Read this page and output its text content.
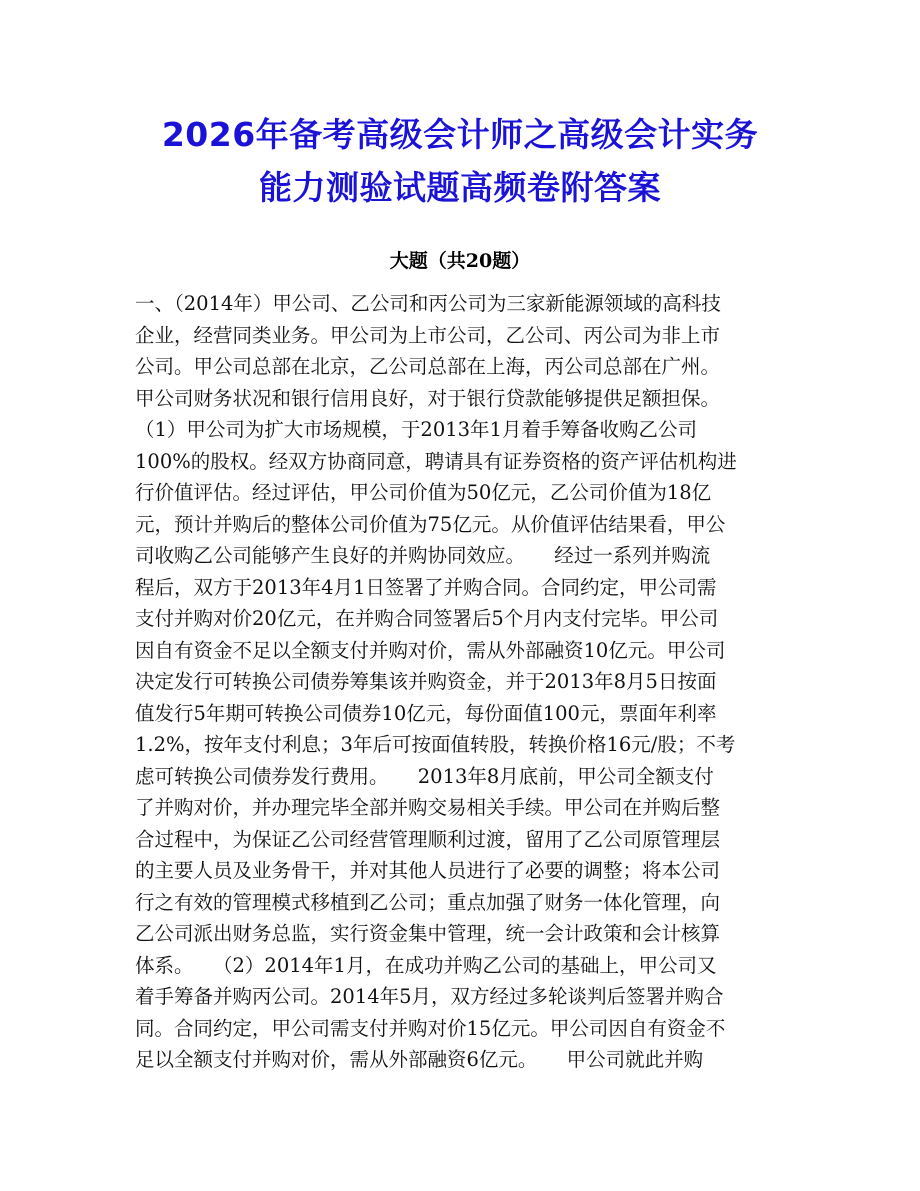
2026年备考高级会计师之高级会计实务
能力测验试题高频卷附答案
大题（共20题）
一、（2014年）甲公司、乙公司和丙公司为三家新能源领域的高科技
企业，经营同类业务。甲公司为上市公司，乙公司、丙公司为非上市
公司。甲公司总部在北京，乙公司总部在上海，丙公司总部在广州。
甲公司财务状况和银行信用良好，对于银行贷款能够提供足额担保。
（1）甲公司为扩大市场规模，于2013年1月着手筹备收购乙公司
100%的股权。经双方协商同意，聘请具有证券资格的资产评估机构进
行价值评估。经过评估，甲公司价值为50亿元，乙公司价值为18亿
元，预计并购后的整体公司价值为75亿元。从价值评估结果看，甲公
司收购乙公司能够产生良好的并购协同效应。　　经过一系列并购流
程后，双方于2013年4月1日签署了并购合同。合同约定，甲公司需
支付并购对价20亿元，在并购合同签署后5个月内支付完毕。甲公司
因自有资金不足以全额支付并购对价，需从外部融资10亿元。甲公司
决定发行可转换公司债券筹集该并购资金，并于2013年8月5日按面
值发行5年期可转换公司债券10亿元，每份面值100元，票面年利率
1.2%，按年支付利息；3年后可按面值转股，转换价格16元/股；不考
虑可转换公司债券发行费用。　　2013年8月底前，甲公司全额支付
了并购对价，并办理完毕全部并购交易相关手续。甲公司在并购后整
合过程中，为保证乙公司经营管理顺利过渡，留用了乙公司原管理层
的主要人员及业务骨干，并对其他人员进行了必要的调整；将本公司
行之有效的管理模式移植到乙公司；重点加强了财务一体化管理，向
乙公司派出财务总监，实行资金集中管理，统一会计政策和会计核算
体系。　　（2）2014年1月，在成功并购乙公司的基础上，甲公司又
着手筹备并购丙公司。2014年5月，双方经过多轮谈判后签署并购合
同。合同约定，甲公司需支付并购对价15亿元。甲公司因自有资金不
足以全额支付并购对价，需从外部融资6亿元。　　甲公司就此并购
